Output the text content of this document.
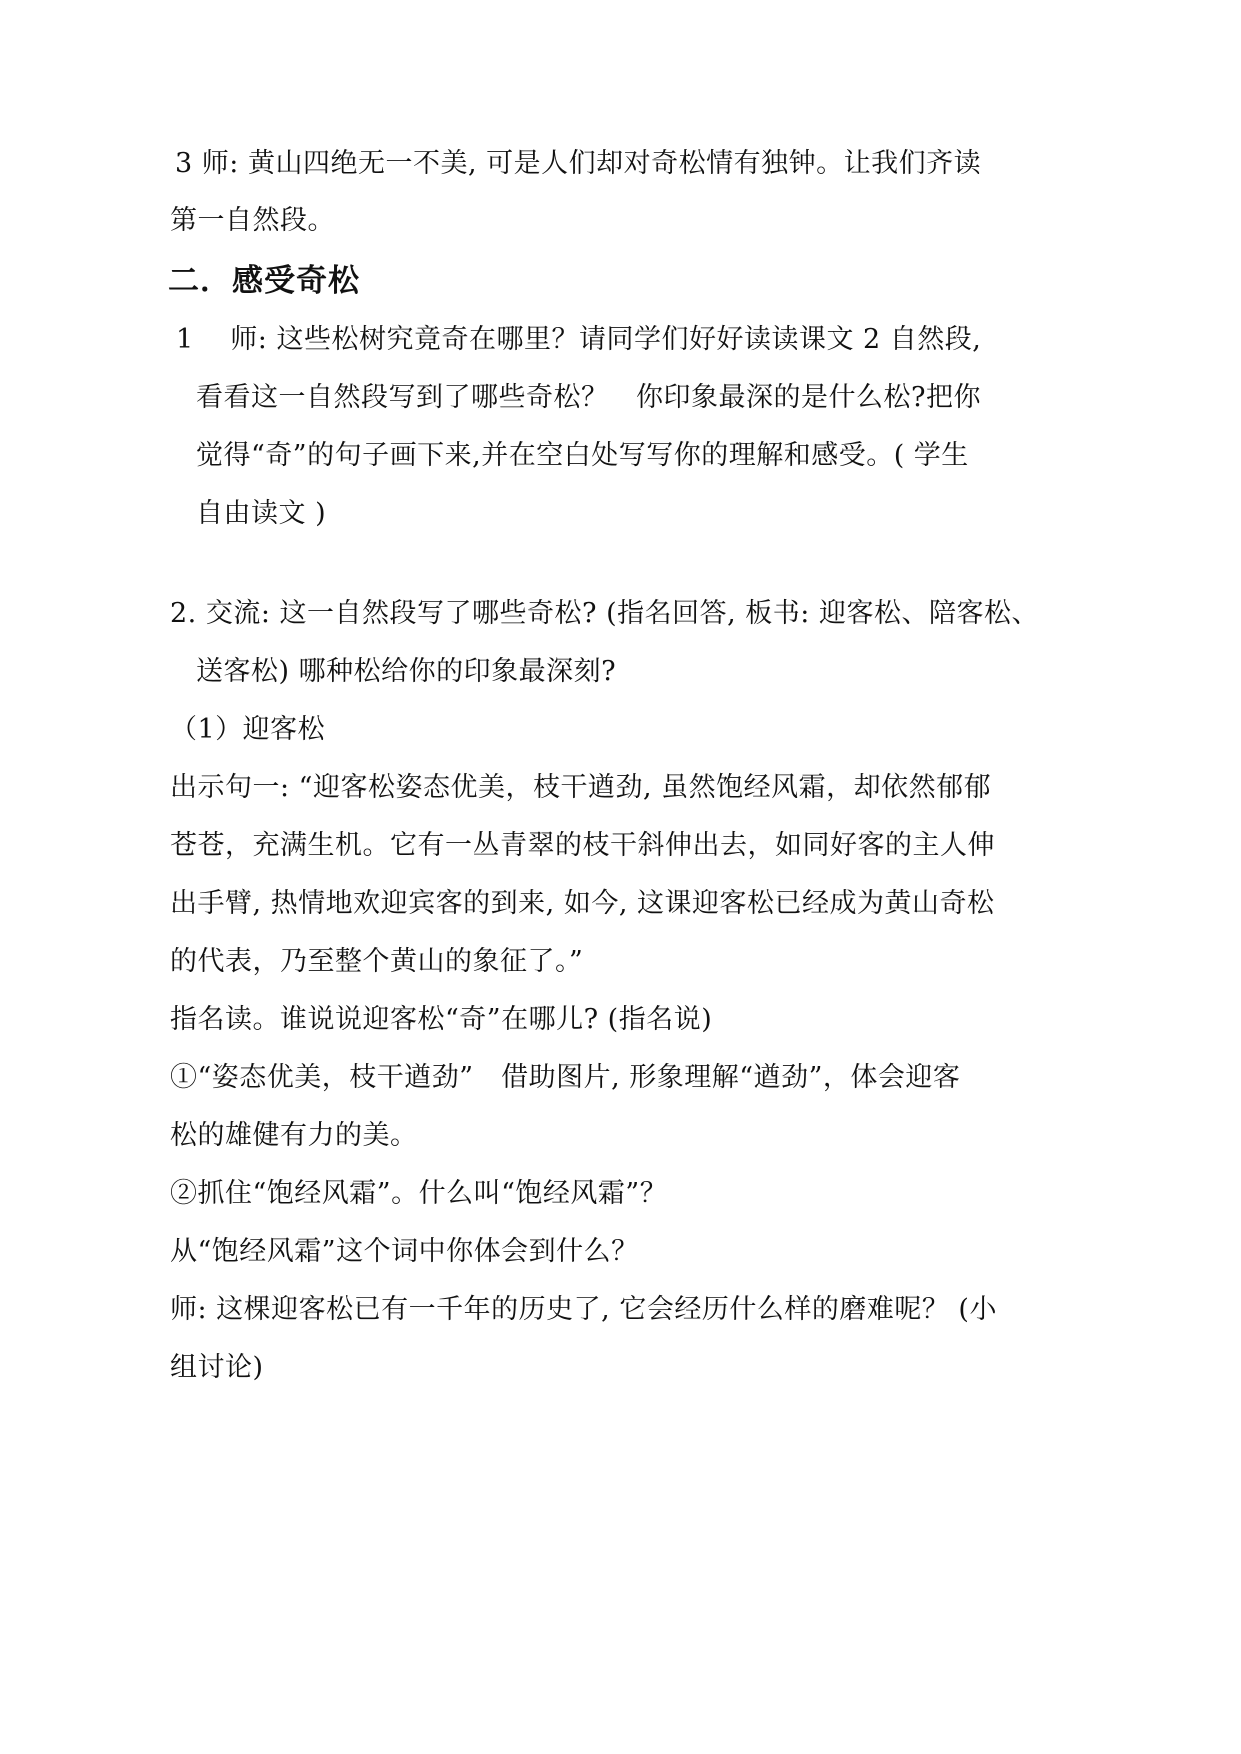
3 师: 黄山四绝无一不美, 可是人们却对奇松情有独钟。让我们齐读
第一自然段。
二．感受奇松
1　 师: 这些松树究竟奇在哪里？请同学们好好读读课文 2 自然段,
看看这一自然段写到了哪些奇松？　你印象最深的是什么松?把你
觉得“奇”的句子画下来,并在空白处写写你的理解和感受。( 学生
自由读文 )
2. 交流: 这一自然段写了哪些奇松? (指名回答, 板书: 迎客松、陪客松、
送客松) 哪种松给你的印象最深刻?
（1）迎客松
出示句一: “迎客松姿态优美，枝干遒劲, 虽然饱经风霜，却依然郁郁
苍苍，充满生机。它有一丛青翠的枝干斜伸出去，如同好客的主人伸
出手臂, 热情地欢迎宾客的到来, 如今, 这课迎客松已经成为黄山奇松
的代表，乃至整个黄山的象征了。”
指名读。谁说说迎客松“奇”在哪儿? (指名说)
①“姿态优美，枝干遒劲”　借助图片, 形象理解“遒劲”，体会迎客
松的雄健有力的美。
②抓住“饱经风霜”。什么叫“饱经风霜”？
从“饱经风霜”这个词中你体会到什么？
师: 这棵迎客松已有一千年的历史了, 它会经历什么样的磨难呢？ (小
组讨论)
